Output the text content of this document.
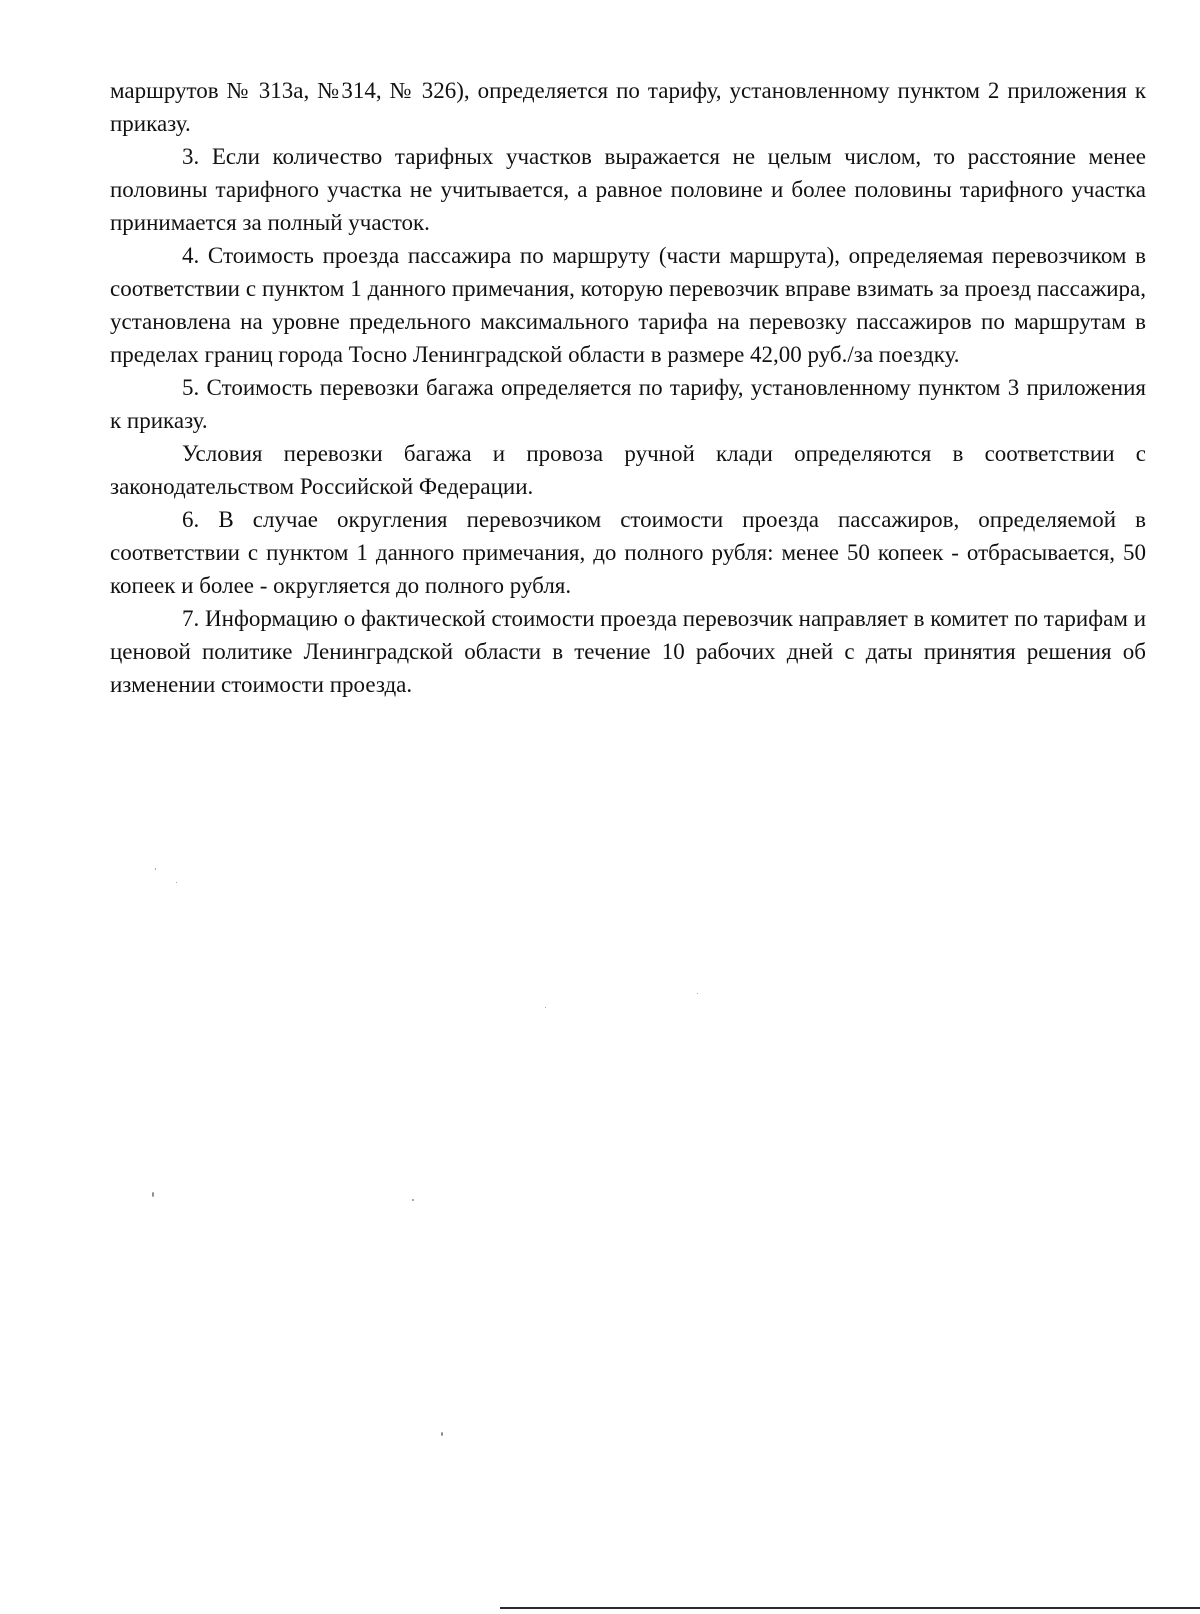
маршрутов № 313а, №314, № 326), определяется по тарифу, установленному пунктом 2 приложения к приказу.

3. Если количество тарифных участков выражается не целым числом, то расстояние менее половины тарифного участка не учитывается, а равное половине и более половины тарифного участка принимается за полный участок.

4. Стоимость проезда пассажира по маршруту (части маршрута), определяемая перевозчиком в соответствии с пунктом 1 данного примечания, которую перевозчик вправе взимать за проезд пассажира, установлена на уровне предельного максимального тарифа на перевозку пассажиров по маршрутам в пределах границ города Тосно Ленинградской области в размере 42,00 руб./за поездку.

5. Стоимость перевозки багажа определяется по тарифу, установленному пунктом 3 приложения к приказу.

Условия перевозки багажа и провоза ручной клади определяются в соответствии с законодательством Российской Федерации.

6. В случае округления перевозчиком стоимости проезда пассажиров, определяемой в соответствии с пунктом 1 данного примечания, до полного рубля: менее 50 копеек - отбрасывается, 50 копеек и более - округляется до полного рубля.

7. Информацию о фактической стоимости проезда перевозчик направляет в комитет по тарифам и ценовой политике Ленинградской области в течение 10 рабочих дней с даты принятия решения об изменении стоимости проезда.
